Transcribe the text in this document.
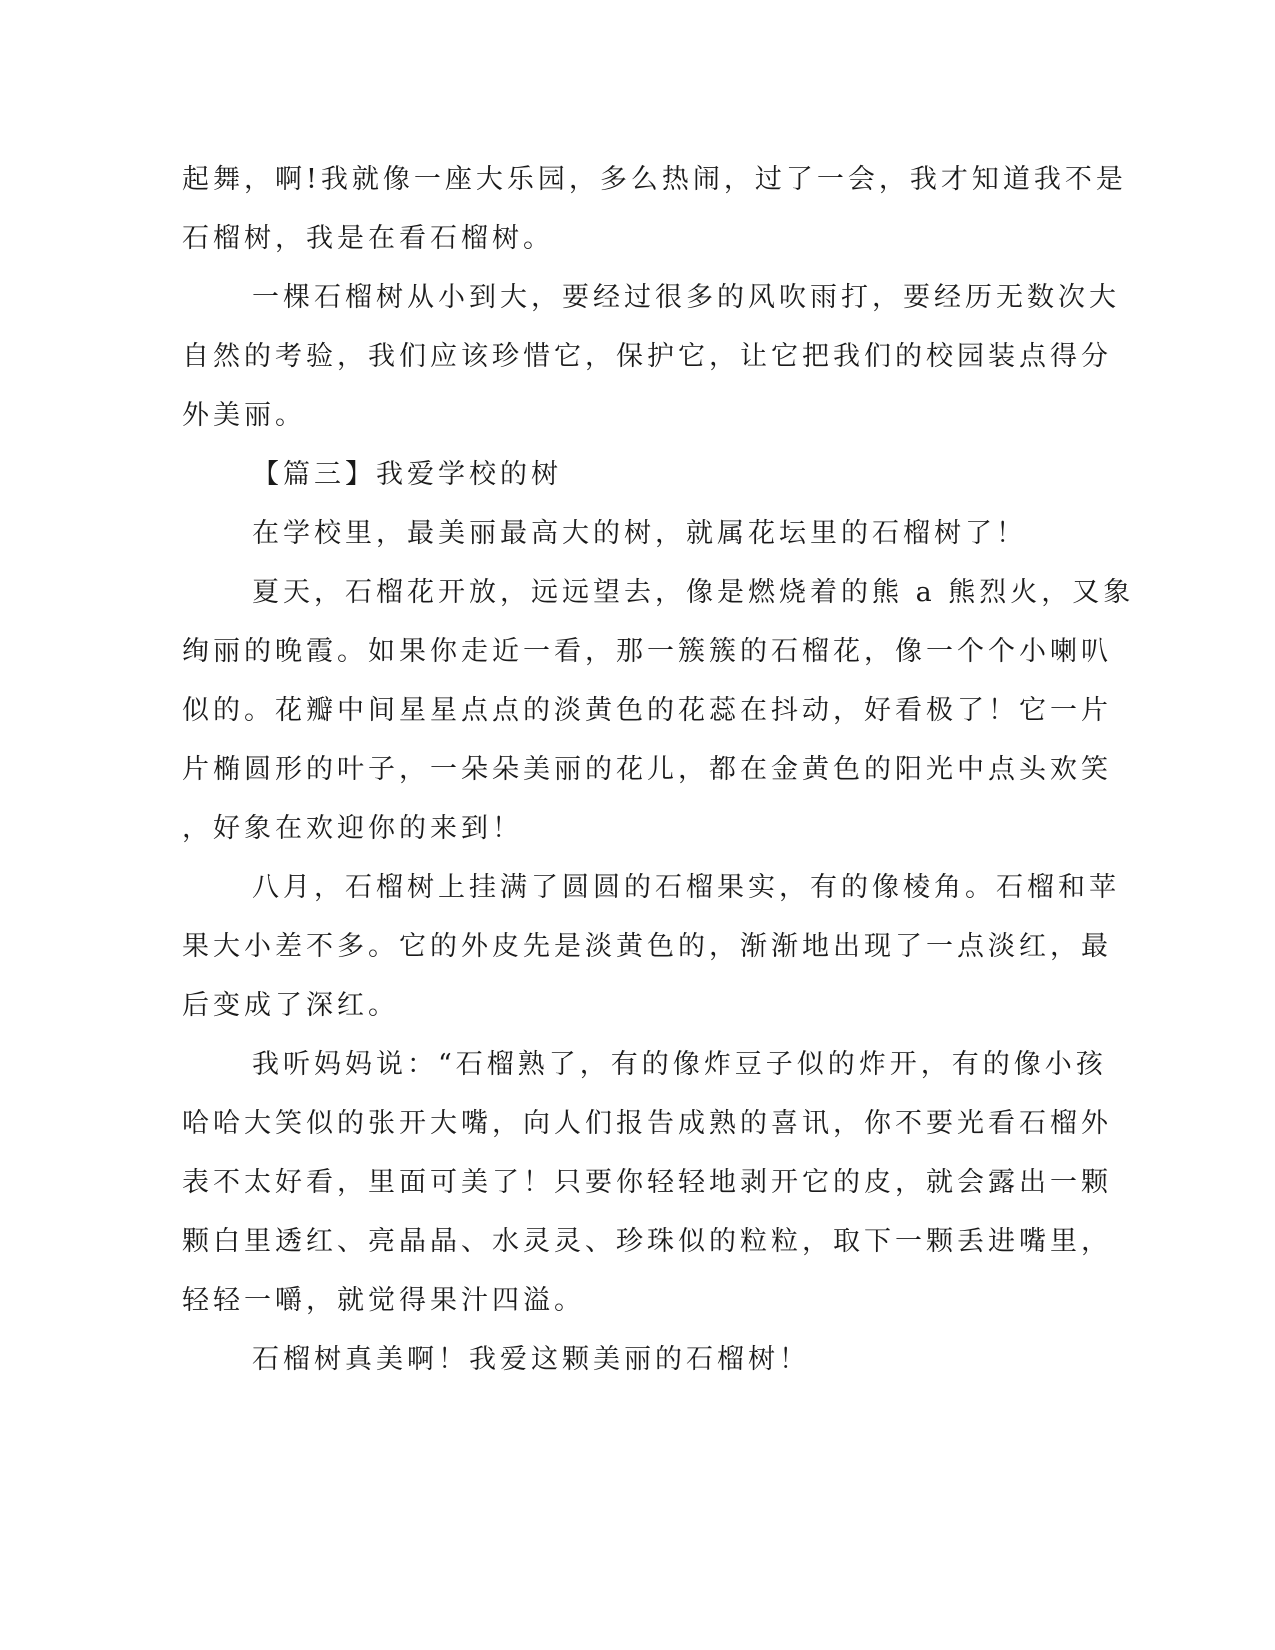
起舞，啊!我就像一座大乐园，多么热闹，过了一会，我才知道我不是

石榴树，我是在看石榴树。

一棵石榴树从小到大，要经过很多的风吹雨打，要经历无数次大

自然的考验，我们应该珍惜它，保护它，让它把我们的校园装点得分

外美丽。

【篇三】我爱学校的树

在学校里，最美丽最高大的树，就属花坛里的石榴树了！

夏天，石榴花开放，远远望去，像是燃烧着的熊 a 熊烈火，又象

绚丽的晚霞。如果你走近一看，那一簇簇的石榴花，像一个个小喇叭

似的。花瓣中间星星点点的淡黄色的花蕊在抖动，好看极了！它一片

片椭圆形的叶子，一朵朵美丽的花儿，都在金黄色的阳光中点头欢笑

，好象在欢迎你的来到！

八月，石榴树上挂满了圆圆的石榴果实，有的像棱角。石榴和苹

果大小差不多。它的外皮先是淡黄色的，渐渐地出现了一点淡红，最

后变成了深红。

我听妈妈说：“石榴熟了，有的像炸豆子似的炸开，有的像小孩

哈哈大笑似的张开大嘴，向人们报告成熟的喜讯，你不要光看石榴外

表不太好看，里面可美了！只要你轻轻地剥开它的皮，就会露出一颗

颗白里透红、亮晶晶、水灵灵、珍珠似的粒粒，取下一颗丢进嘴里，

轻轻一嚼，就觉得果汁四溢。

石榴树真美啊！我爱这颗美丽的石榴树！
